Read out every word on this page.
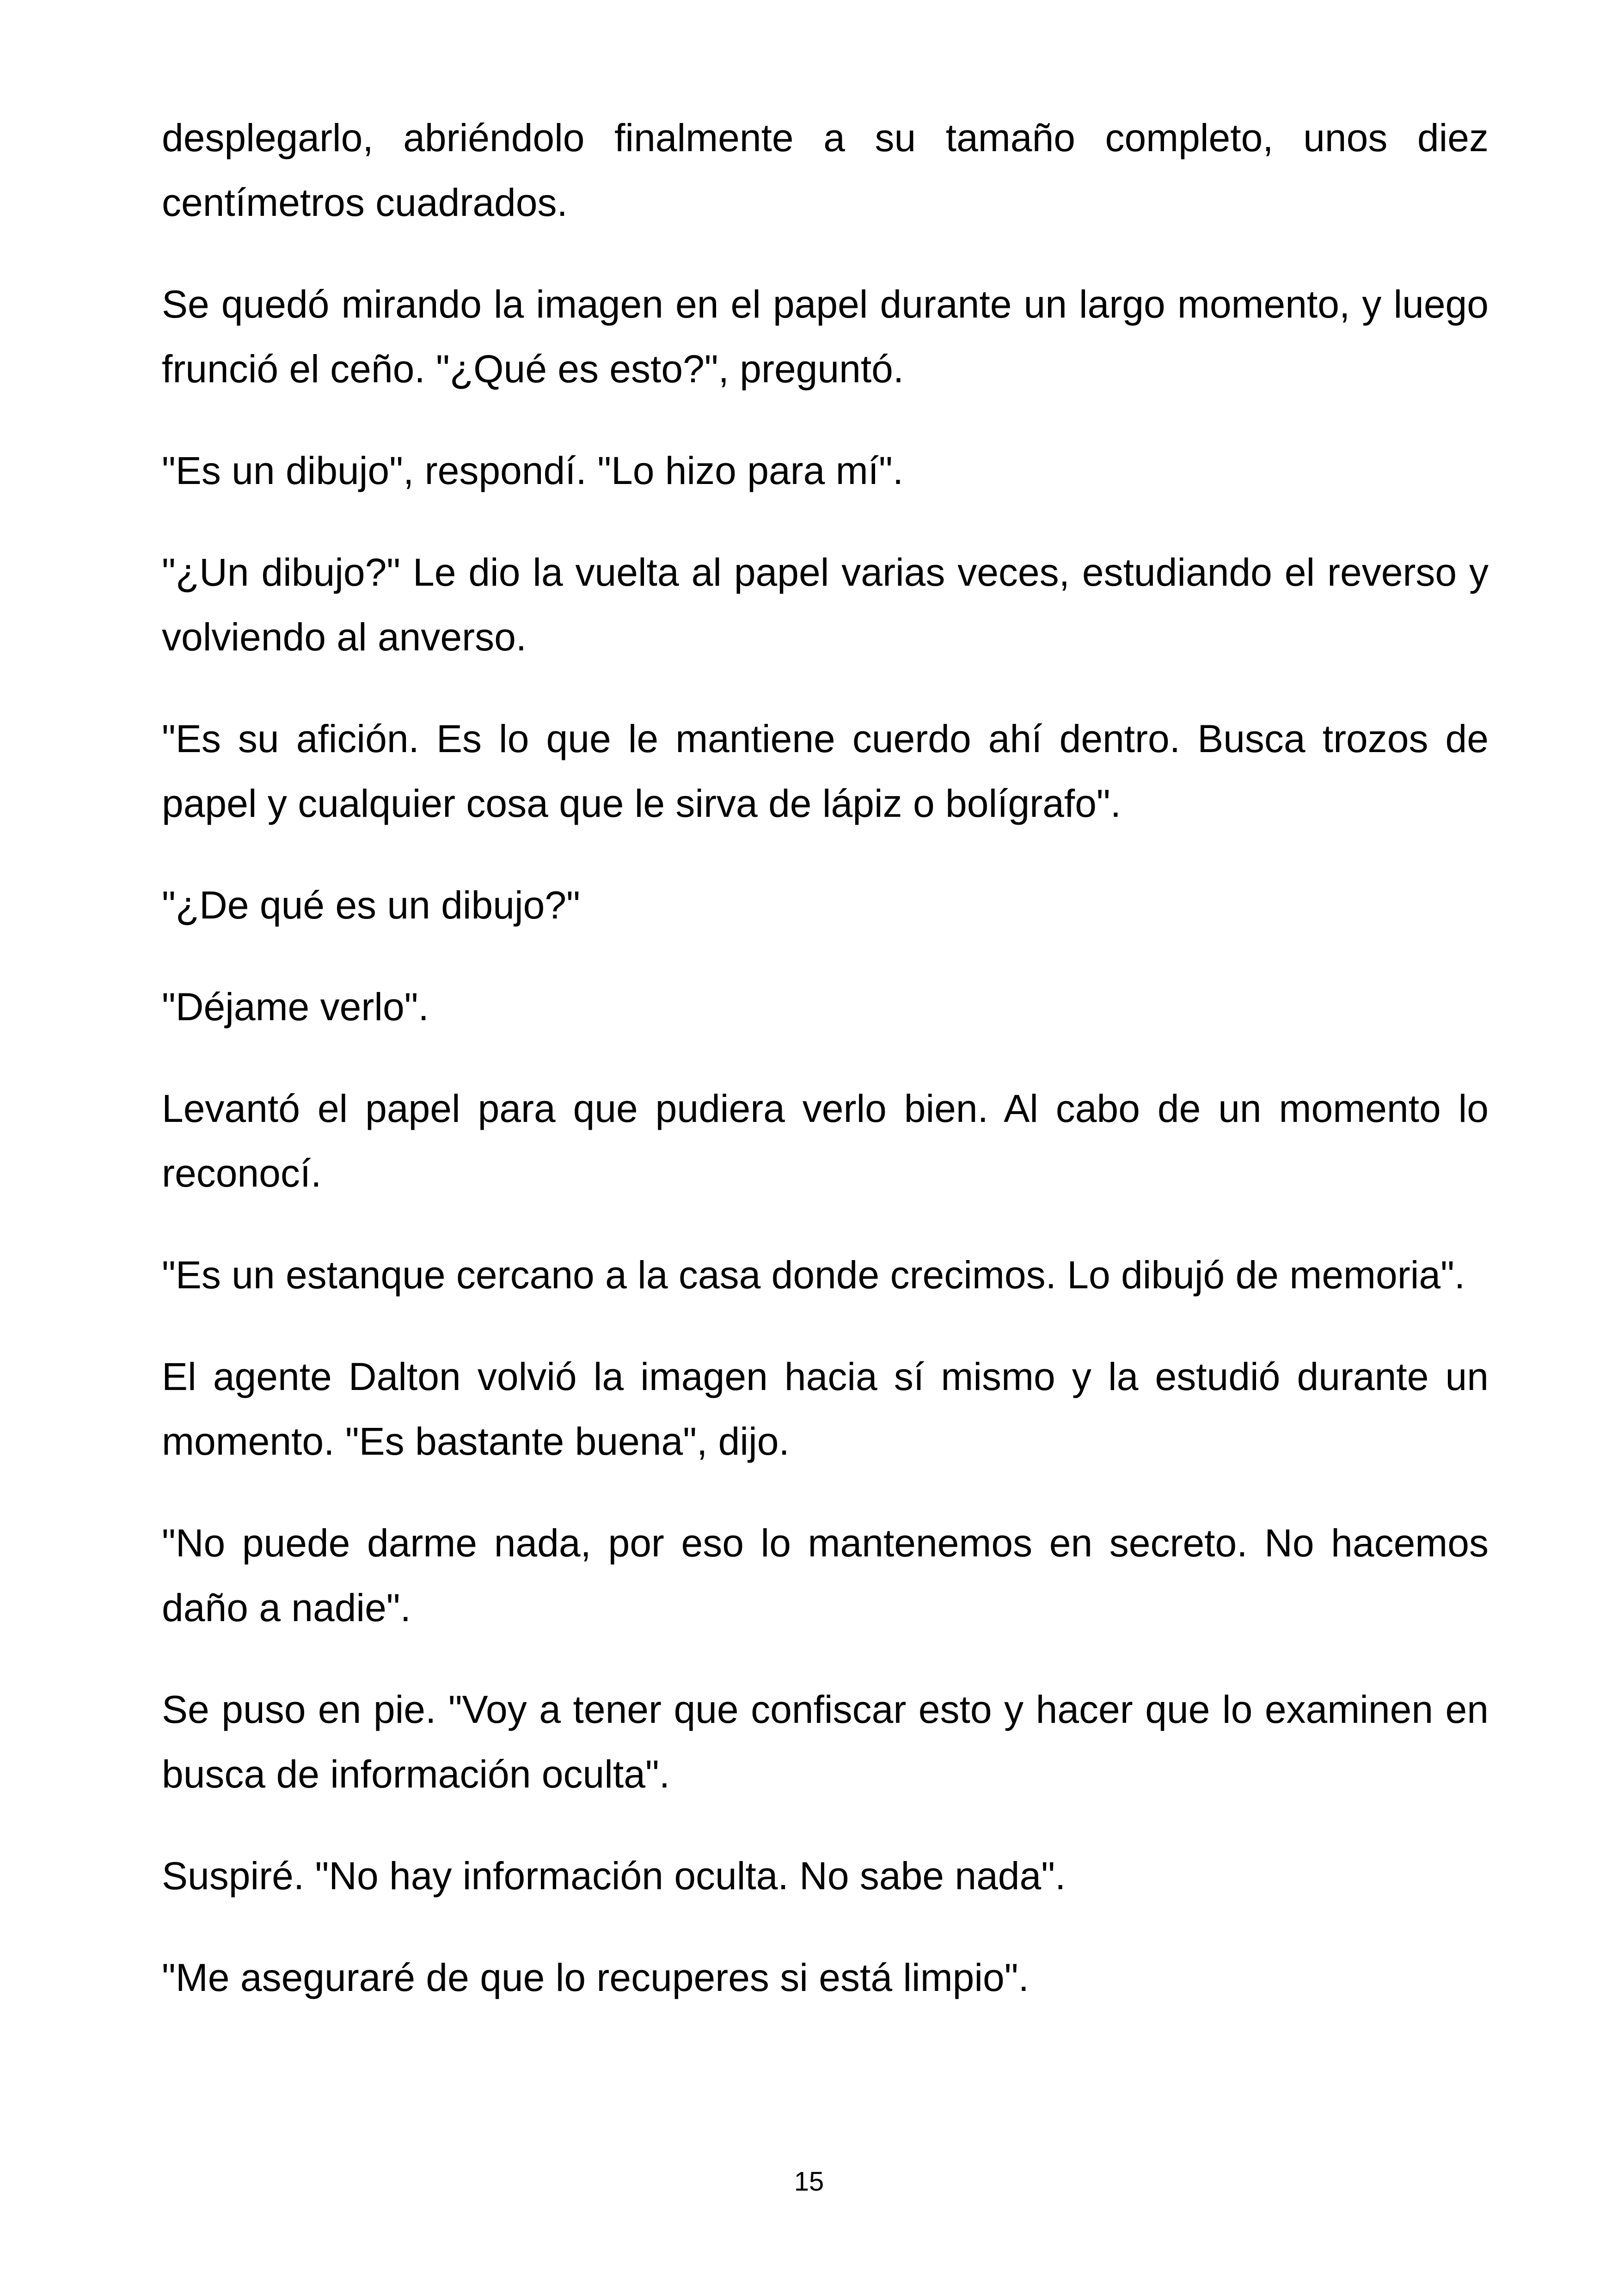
desplegarlo, abriéndolo finalmente a su tamaño completo, unos diez centímetros cuadrados.

Se quedó mirando la imagen en el papel durante un largo momento, y luego frunció el ceño. "¿Qué es esto?", preguntó.

"Es un dibujo", respondí. "Lo hizo para mí".

"¿Un dibujo?" Le dio la vuelta al papel varias veces, estudiando el reverso y volviendo al anverso.

"Es su afición. Es lo que le mantiene cuerdo ahí dentro. Busca trozos de papel y cualquier cosa que le sirva de lápiz o bolígrafo".

"¿De qué es un dibujo?"

"Déjame verlo".

Levantó el papel para que pudiera verlo bien. Al cabo de un momento lo reconocí.

"Es un estanque cercano a la casa donde crecimos. Lo dibujó de memoria".

El agente Dalton volvió la imagen hacia sí mismo y la estudió durante un momento. "Es bastante buena", dijo.

"No puede darme nada, por eso lo mantenemos en secreto. No hacemos daño a nadie".

Se puso en pie. "Voy a tener que confiscar esto y hacer que lo examinen en busca de información oculta".

Suspiré. "No hay información oculta. No sabe nada".

"Me aseguraré de que lo recuperes si está limpio".

15
